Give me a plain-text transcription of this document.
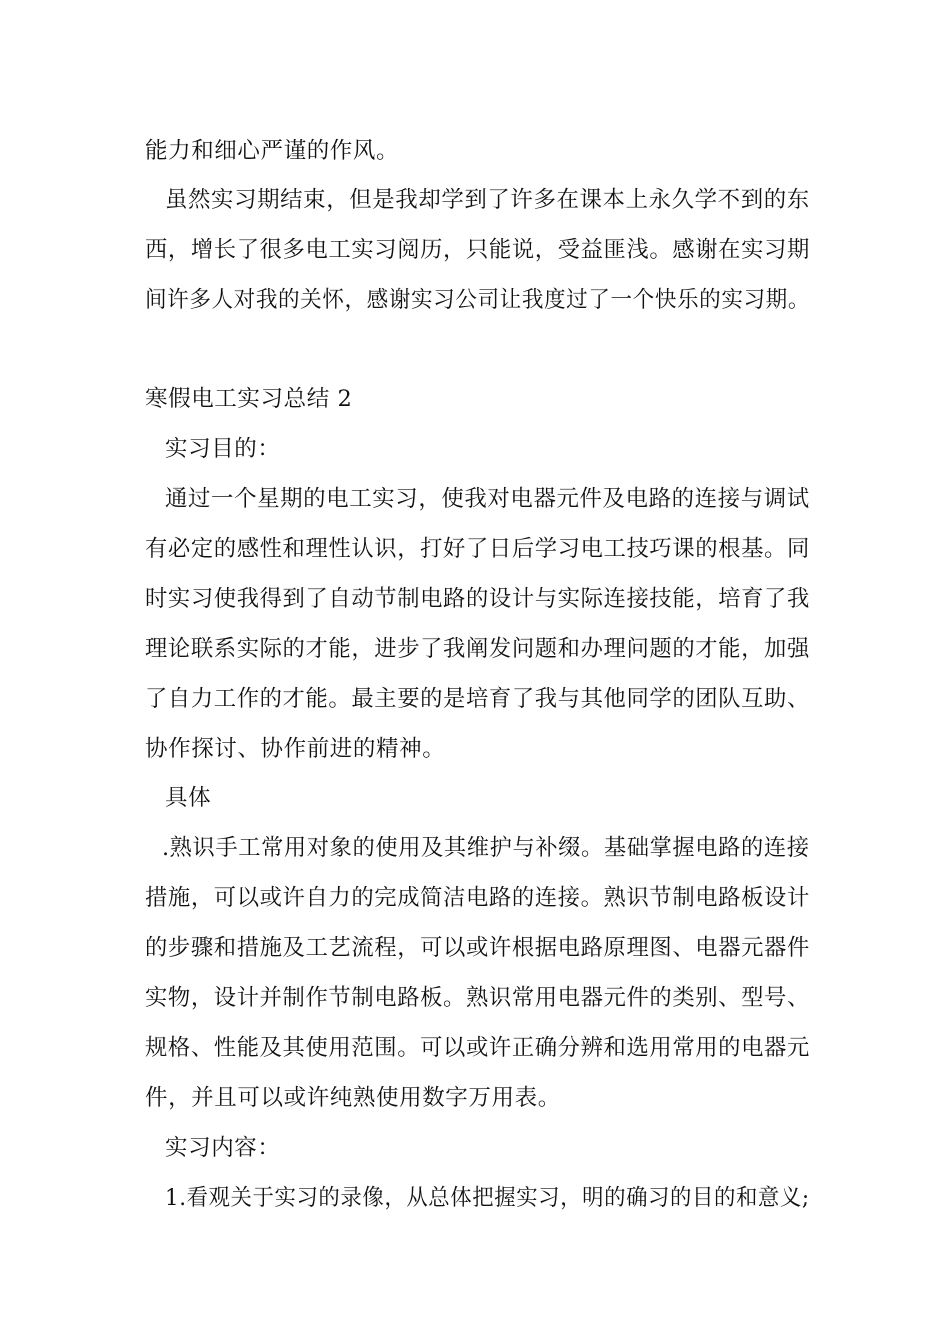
能力和细心严谨的作风。
虽然实习期结束，但是我却学到了许多在课本上永久学不到的东
西，增长了很多电工实习阅历，只能说，受益匪浅。感谢在实习期
间许多人对我的关怀，感谢实习公司让我度过了一个快乐的实习期。
寒假电工实习总结 2
实习目的：
通过一个星期的电工实习，使我对电器元件及电路的连接与调试
有必定的感性和理性认识，打好了日后学习电工技巧课的根基。同
时实习使我得到了自动节制电路的设计与实际连接技能，培育了我
理论联系实际的才能，进步了我阐发问题和办理问题的才能，加强
了自力工作的才能。最主要的是培育了我与其他同学的团队互助、
协作探讨、协作前进的精神。
具体
.熟识手工常用对象的使用及其维护与补缀。基础掌握电路的连接
措施，可以或许自力的完成简洁电路的连接。熟识节制电路板设计
的步骤和措施及工艺流程，可以或许根据电路原理图、电器元器件
实物，设计并制作节制电路板。熟识常用电器元件的类别、型号、
规格、性能及其使用范围。可以或许正确分辨和选用常用的电器元
件，并且可以或许纯熟使用数字万用表。
实习内容：
1.看观关于实习的录像，从总体把握实习，明的确习的目的和意义;
